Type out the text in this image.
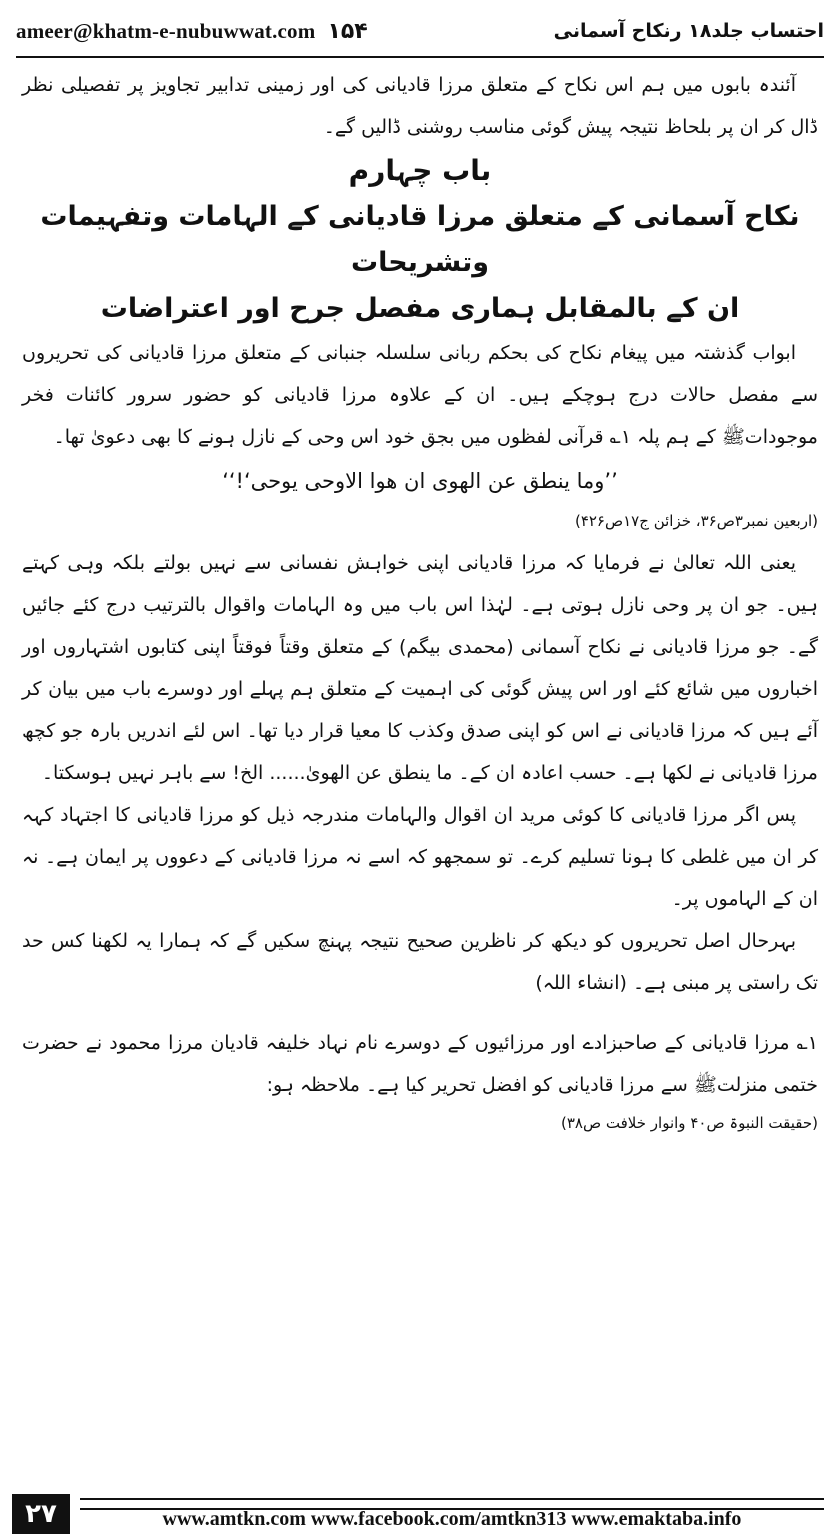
ameer@khatm-e-nubuwwat.com ۱۵۴	احتساب جلد۱۸ رنکاح آسمانی

آئندہ بابوں میں ہم اس نکاح کے متعلق مرزا قادیانی کی اور زمینی تدابیر تجاویز پر تفصیلی نظر ڈال کر ان پر بلحاظ نتیجہ پیش گوئی مناسب روشنی ڈالیں گے۔

باب چہارم

نکاح آسمانی کے متعلق مرزا قادیانی کے الہامات وتفہیمات وتشریحات

ان کے بالمقابل ہماری مفصل جرح اور اعتراضات

ابواب گذشتہ میں پیغام نکاح کی بحکم ربانی سلسلہ جنبانی کے متعلق مرزا قادیانی کی تحریروں سے مفصل حالات درج ہوچکے ہیں۔ ان کے علاوہ مرزا قادیانی کو حضور سرور کائنات فخر موجوداتﷺ کے ہم پلہ ۱؎ قرآنی لفظوں میں بجق خود اس وحی کے نازل ہونے کا بھی دعویٰ تھا۔

’’وما ینطق عن الھوی ان ھوا الاوحی یوحی‘!‘‘

(اربعین نمبر۳ص۳۶، خزائن ج۱۷ص۴۲۶)

یعنی اللہ تعالیٰ نے فرمایا کہ مرزا قادیانی اپنی خواہش نفسانی سے نہیں بولتے بلکہ وہی کہتے ہیں۔ جو ان پر وحی نازل ہوتی ہے۔ لہٰذا اس باب میں وہ الہامات واقوال بالترتیب درج کئے جائیں گے۔ جو مرزا قادیانی نے نکاح آسمانی (محمدی بیگم) کے متعلق وقتاً فوقتاً اپنی کتابوں اشتہاروں اور اخباروں میں شائع کئے اور اس پیش گوئی کی اہمیت کے متعلق ہم پہلے اور دوسرے باب میں بیان کر آئے ہیں کہ مرزا قادیانی نے اس کو اپنی صدق وکذب کا معیا قرار دیا تھا۔ اس لئے اندریں بارہ جو کچھ مرزا قادیانی نے لکھا ہے۔ حسب اعادہ ان کے۔ ما ینطق عن الھویٰ...... الخ! سے باہر نہیں ہوسکتا۔

پس اگر مرزا قادیانی کا کوئی مرید ان اقوال والہامات مندرجہ ذیل کو مرزا قادیانی کا اجتہاد کہہ کر ان میں غلطی کا ہونا تسلیم کرے۔ تو سمجھو کہ اسے نہ مرزا قادیانی کے دعووں پر ایمان ہے۔ نہ ان کے الہاموں پر۔

بہرحال اصل تحریروں کو دیکھ کر ناظرین صحیح نتیجہ پہنچ سکیں گے کہ ہمارا یہ لکھنا کس حد تک راستی پر مبنی ہے۔ (انشاء اللہ)

۱؎ مرزا قادیانی کے صاحبزادے اور مرزائیوں کے دوسرے نام نہاد خلیفہ قادیان مرزا محمود نے حضرت ختمی منزلتﷺ سے مرزا قادیانی کو افضل تحریر کیا ہے۔ ملاحظہ ہو:

(حقیقت النبوۃ ص۴۰ وانوار خلافت ص۳۸)

۲۷	www.amtkn.com www.facebook.com/amtkn313 www.emaktaba.info
